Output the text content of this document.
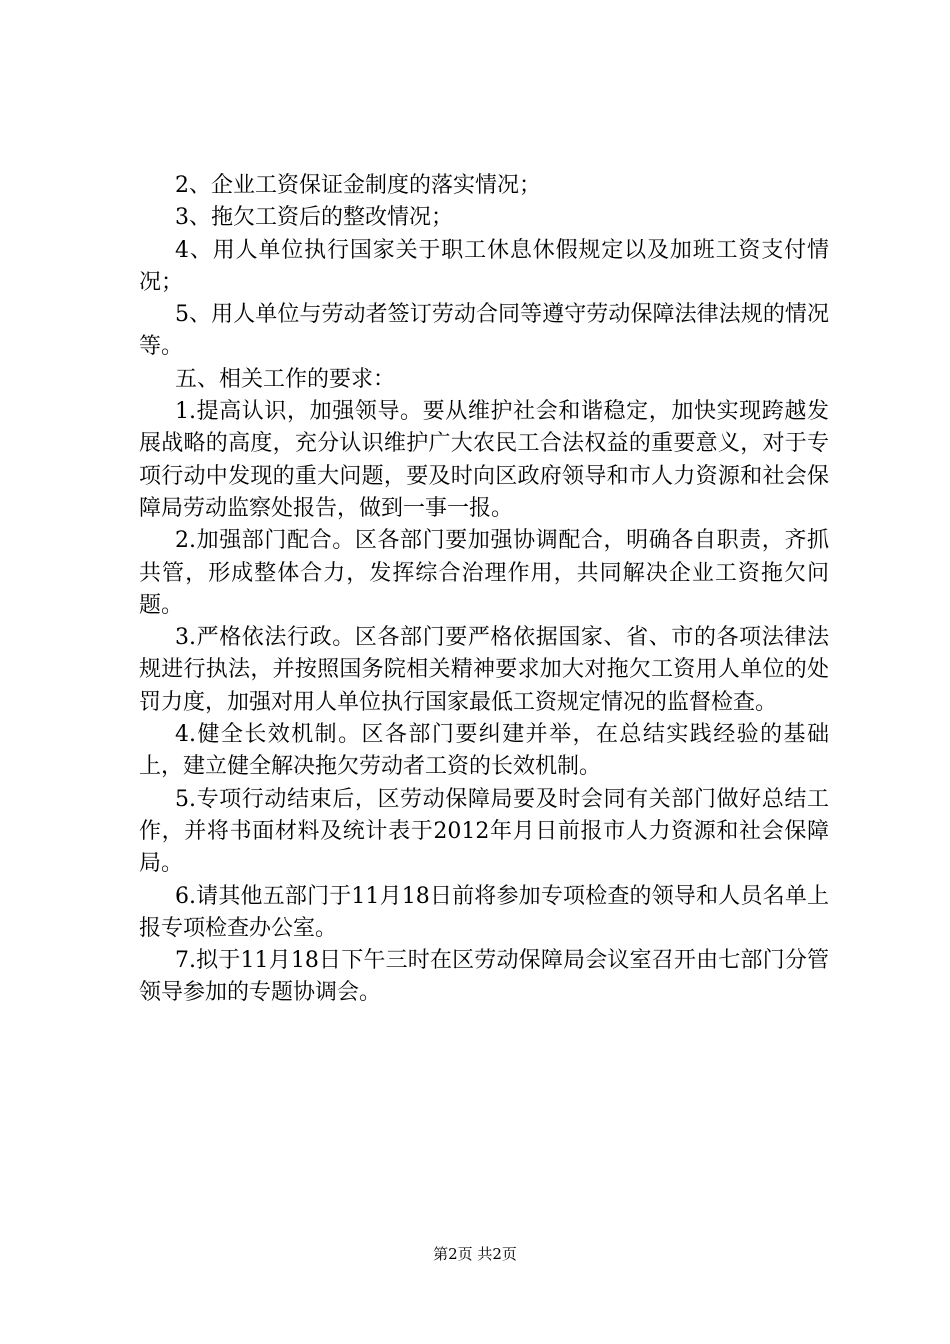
2、企业工资保证金制度的落实情况；

3、拖欠工资后的整改情况；

4、用人单位执行国家关于职工休息休假规定以及加班工资支付情况；

5、用人单位与劳动者签订劳动合同等遵守劳动保障法律法规的情况等。

五、相关工作的要求：

1.提高认识，加强领导。要从维护社会和谐稳定，加快实现跨越发展战略的高度，充分认识维护广大农民工合法权益的重要意义，对于专项行动中发现的重大问题，要及时向区政府领导和市人力资源和社会保障局劳动监察处报告，做到一事一报。

2.加强部门配合。区各部门要加强协调配合，明确各自职责，齐抓共管，形成整体合力，发挥综合治理作用，共同解决企业工资拖欠问题。

3.严格依法行政。区各部门要严格依据国家、省、市的各项法律法规进行执法，并按照国务院相关精神要求加大对拖欠工资用人单位的处罚力度，加强对用人单位执行国家最低工资规定情况的监督检查。

4.健全长效机制。区各部门要纠建并举，在总结实践经验的基础上，建立健全解决拖欠劳动者工资的长效机制。

5.专项行动结束后，区劳动保障局要及时会同有关部门做好总结工作，并将书面材料及统计表于2012年月日前报市人力资源和社会保障局。

6.请其他五部门于11月18日前将参加专项检查的领导和人员名单上报专项检查办公室。

7.拟于11月18日下午三时在区劳动保障局会议室召开由七部门分管领导参加的专题协调会。

第2页 共2页
